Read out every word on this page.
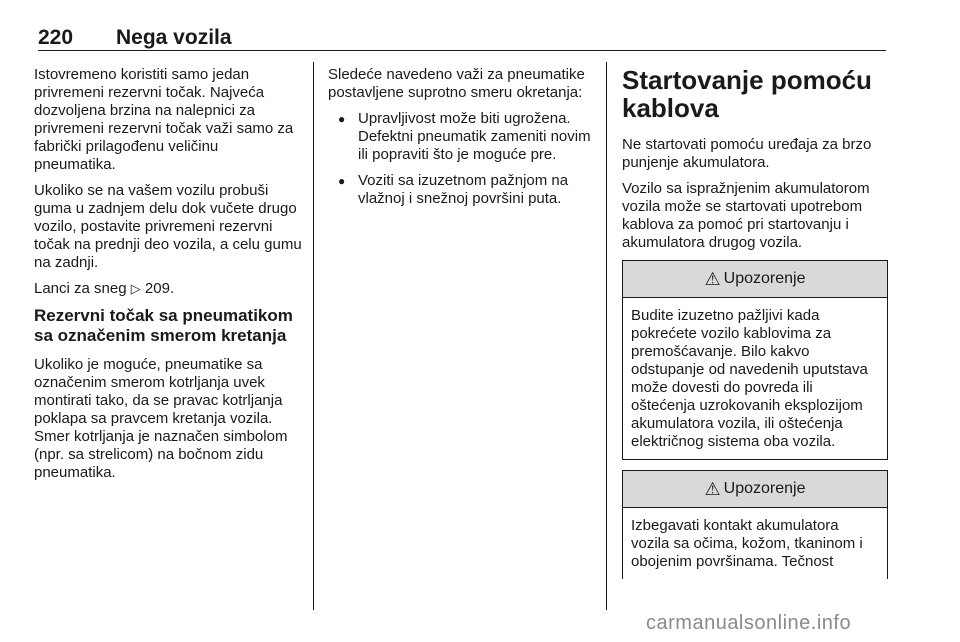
220 Nega vozila

Istovremeno koristiti samo jedan privremeni rezervni točak. Najveća dozvoljena brzina na nalepnici za privremeni rezervni točak važi samo za fabrički prilagođenu veličinu pneumatika.

Ukoliko se na vašem vozilu probuši guma u zadnjem delu dok vučete drugo vozilo, postavite privremeni rezervni točak na prednji deo vozila, a celu gumu na zadnji.

Lanci za sneg ▷ 209.

Rezervni točak sa pneumatikom sa označenim smerom kretanja

Ukoliko je moguće, pneumatike sa označenim smerom kotrljanja uvek montirati tako, da se pravac kotrljanja poklapa sa pravcem kretanja vozila. Smer kotrljanja je naznačen simbolom (npr. sa strelicom) na bočnom zidu pneumatika.

Sledeće navedeno važi za pneumatike postavljene suprotno smeru okretanja:

● Upravljivost može biti ugrožena. Defektni pneumatik zameniti novim ili popraviti što je moguće pre.
● Voziti sa izuzetnom pažnjom na vlažnoj i snežnoj površini puta.
Startovanje pomoću kablova

Ne startovati pomoću uređaja za brzo punjenje akumulatora.

Vozilo sa ispražnjenim akumulatorom vozila može se startovati upotrebom kablova za pomoć pri startovanju i akumulatora drugog vozila.

⚠ Upozorenje
Budite izuzetno pažljivi kada pokrećete vozilo kablovima za premošćavanje. Bilo kakvo odstupanje od navedenih uputstava može dovesti do povreda ili oštećenja uzrokovanih eksplozijom akumulatora vozila, ili oštećenja električnog sistema oba vozila.
⚠ Upozorenje
Izbegavati kontakt akumulatora vozila sa očima, kožom, tkaninom i obojenim površinama. Tečnost
carmanualsonline.info
